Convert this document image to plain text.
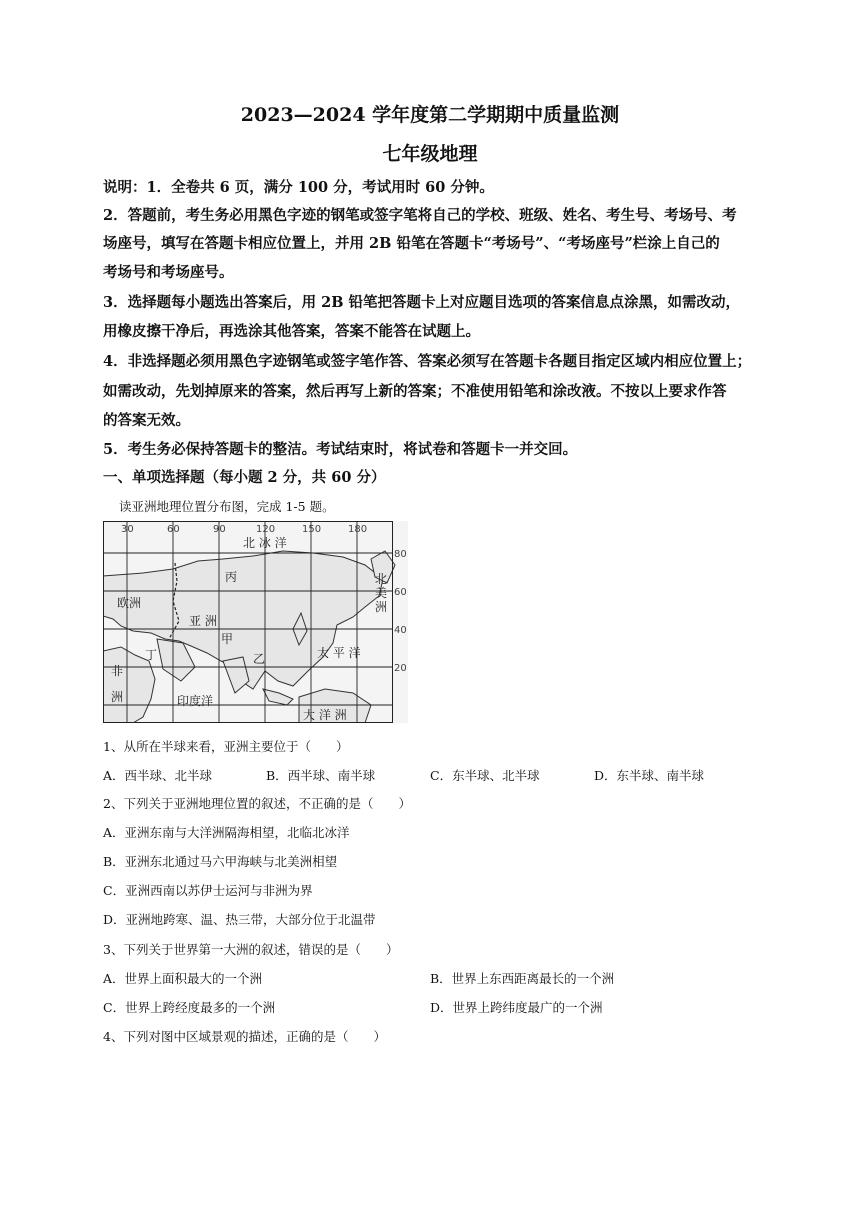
2023—2024 学年度第二学期期中质量监测
七年级地理
说明：1．全卷共 6 页，满分 100 分，考试用时 60 分钟。
2．答题前，考生务必用黑色字迹的钢笔或签字笔将自己的学校、班级、姓名、考生号、考场号、考
场座号，填写在答题卡相应位置上，并用 2B 铅笔在答题卡“考场号”、“考场座号”栏涂上自己的
考场号和考场座号。
3．选择题每小题选出答案后，用 2B 铅笔把答题卡上对应题目选项的答案信息点涂黑，如需改动，
用橡皮擦干净后，再选涂其他答案，答案不能答在试题上。
4．非选择题必须用黑色字迹钢笔或签字笔作答、答案必须写在答题卡各题目指定区域内相应位置上；
如需改动，先划掉原来的答案，然后再写上新的答案；不准使用铅笔和涂改液。不按以上要求作答
的答案无效。
5．考生务必保持答题卡的整洁。考试结束时，将试卷和答题卡一并交回。
一、单项选择题（每小题 2 分，共 60 分）
读亚洲地理位置分布图，完成 1-5 题。
30	60	90	120	150	180
80
60
40
20
北 冰 洋
丙
欧洲
亚 洲
甲
乙
丁	太 平 洋
非
洲	印度洋
大 洋 洲
北
美
洲
1、从所在半球来看，亚洲主要位于（　　）
A．西半球、北半球	B．西半球、南半球	C．东半球、北半球	D．东半球、南半球
2、下列关于亚洲地理位置的叙述，不正确的是（　　）
A．亚洲东南与大洋洲隔海相望，北临北冰洋
B．亚洲东北通过马六甲海峡与北美洲相望
C．亚洲西南以苏伊士运河与非洲为界
D．亚洲地跨寒、温、热三带，大部分位于北温带
3、下列关于世界第一大洲的叙述，错误的是（　　）
A．世界上面积最大的一个洲	B．世界上东西距离最长的一个洲
C．世界上跨经度最多的一个洲	D．世界上跨纬度最广的一个洲
4、下列对图中区域景观的描述，正确的是（　　）
